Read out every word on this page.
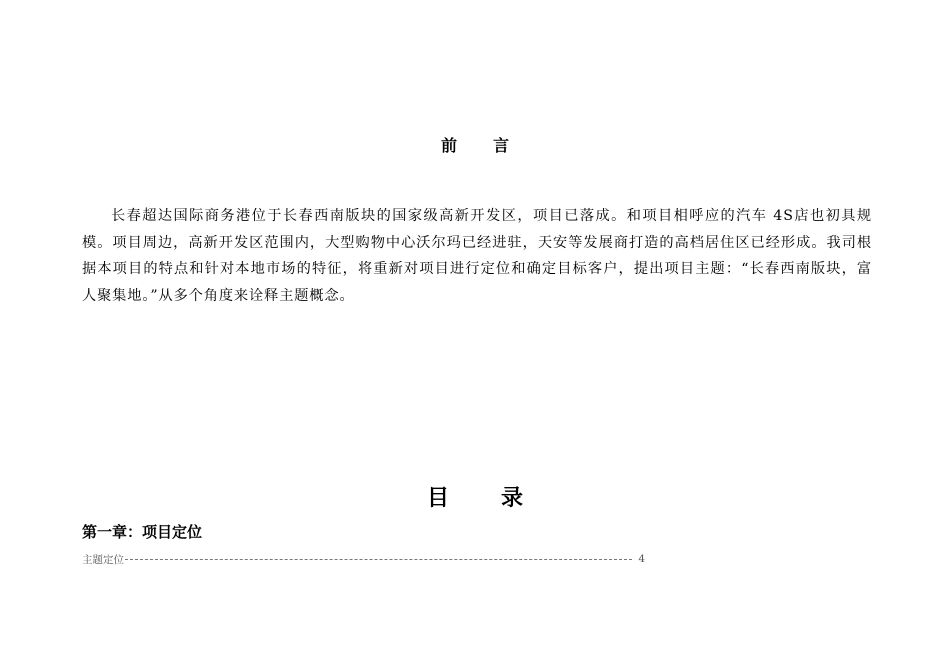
前 言

长春超达国际商务港位于长春西南版块的国家级高新开发区，项目已落成。和项目相呼应的汽车 4S店也初具规模。项目周边，高新开发区范围内，大型购物中心沃尔玛已经进驻，天安等发展商打造的高档居住区已经形成。我司根据本项目的特点和针对本地市场的特征，将重新对项目进行定位和确定目标客户，提出项目主题：“长春西南版块，富人聚集地。”从多个角度来诠释主题概念。

目 录
第一章：项目定位
主题定位	4
